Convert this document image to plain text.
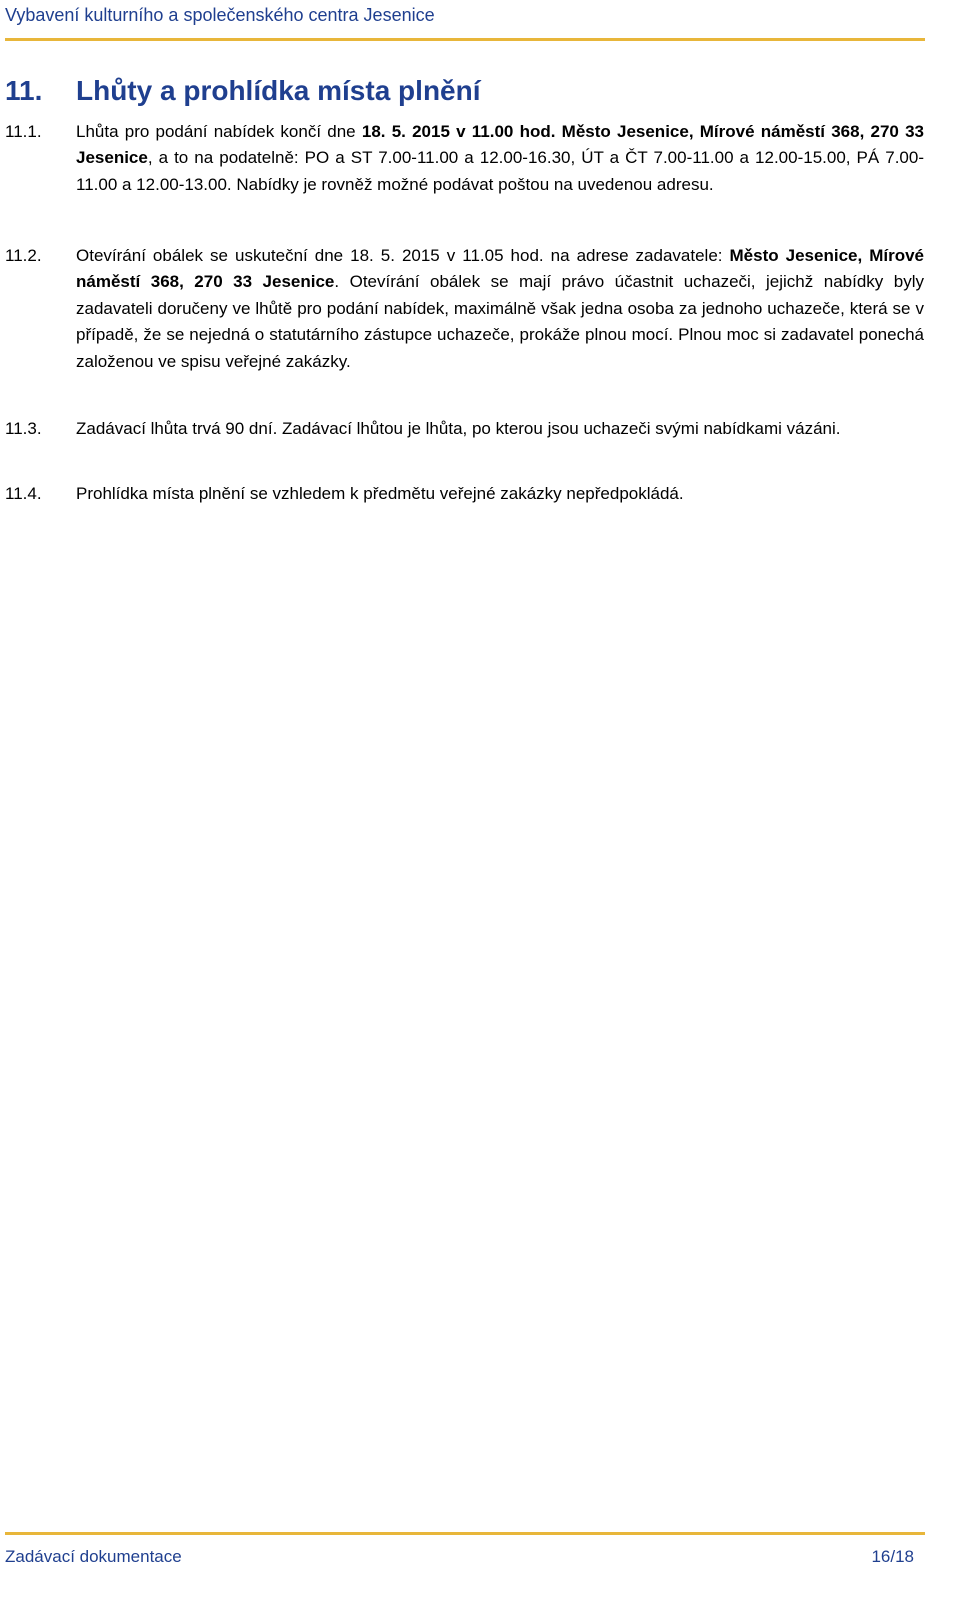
Vybavení kulturního a společenského centra Jesenice
11. Lhůty a prohlídka místa plnění
11.1. Lhůta pro podání nabídek končí dne 18. 5. 2015 v 11.00 hod. Město Jesenice, Mírové náměstí 368, 270 33 Jesenice, a to na podatelně: PO a ST 7.00-11.00 a 12.00-16.30, ÚT a ČT 7.00-11.00 a 12.00-15.00, PÁ 7.00-11.00 a 12.00-13.00. Nabídky je rovněž možné podávat poštou na uvedenou adresu.
11.2. Otevírání obálek se uskuteční dne 18. 5. 2015 v 11.05 hod. na adrese zadavatele: Město Jesenice, Mírové náměstí 368, 270 33 Jesenice. Otevírání obálek se mají právo účastnit uchazeči, jejichž nabídky byly zadavateli doručeny ve lhůtě pro podání nabídek, maximálně však jedna osoba za jednoho uchazeče, která se v případě, že se nejedná o statutárního zástupce uchazeče, prokáže plnou mocí. Plnou moc si zadavatel ponechá založenou ve spisu veřejné zakázky.
11.3. Zadávací lhůta trvá 90 dní. Zadávací lhůtou je lhůta, po kterou jsou uchazeči svými nabídkami vázáni.
11.4. Prohlídka místa plnění se vzhledem k předmětu veřejné zakázky nepředpokládá.
Zadávací dokumentace	16/18
